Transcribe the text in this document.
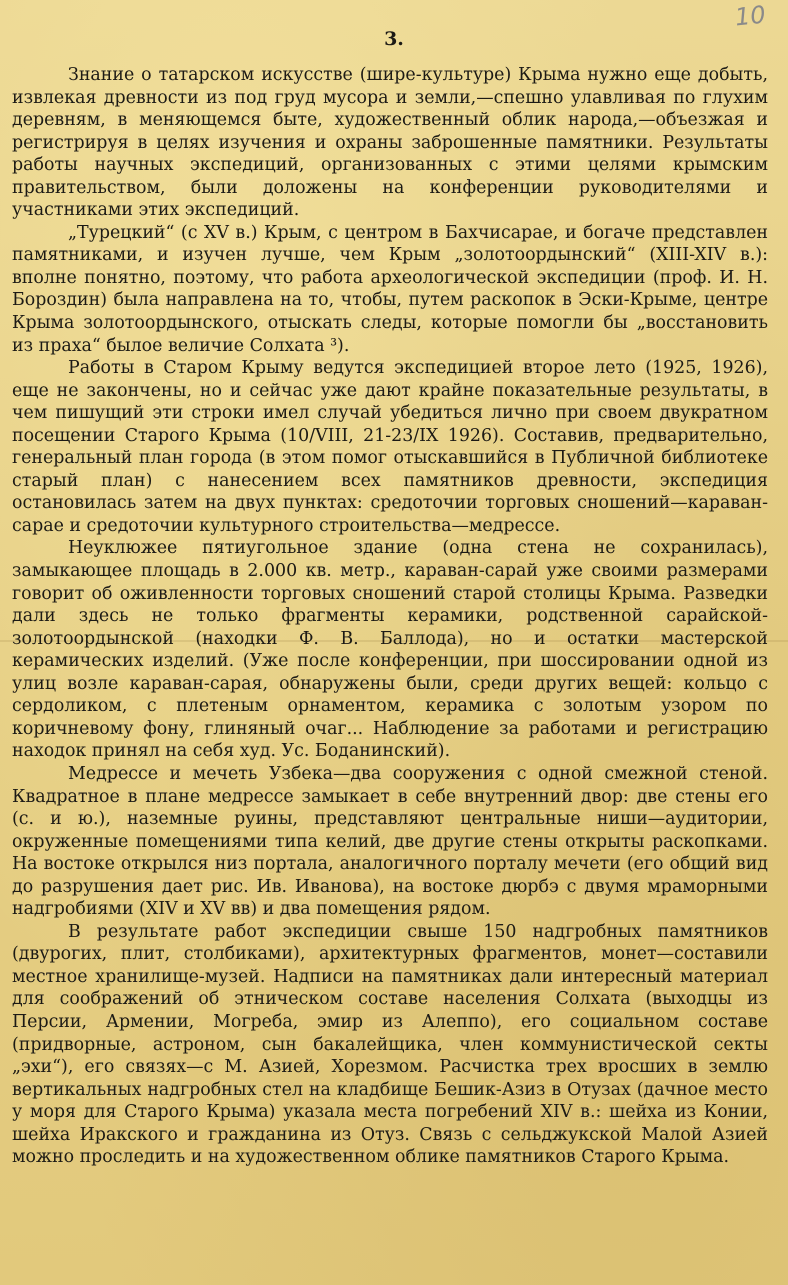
10
3.

Знание о татарском искусстве (шире-культуре) Крыма нужно еще добыть, извлекая древности из под груд мусора и земли,—спешно улавливая по глухим деревням, в меняющемся быте, художественный облик народа,—объезжая и регистрируя в целях изучения и охраны заброшенные памятники. Результаты работы научных экспедиций, организованных с этими целями крымским правительством, были доложены на конференции руководителями и участниками этих экспедиций.

„Турецкий“ (с XV в.) Крым, с центром в Бахчисарае, и богаче представлен памятниками, и изучен лучше, чем Крым „золотоордынский“ (XIII-XIV в.): вполне понятно, поэтому, что работа археологической экспедиции (проф. И. Н. Бороздин) была направлена на то, чтобы, путем раскопок в Эски-Крыме, центре Крыма золотоордынского, отыскать следы, которые помогли бы „восстановить из праха“ былое величие Солхата ³).

Работы в Старом Крыму ведутся экспедицией второе лето (1925, 1926), еще не закончены, но и сейчас уже дают крайне показательные результаты, в чем пишущий эти строки имел случай убедиться лично при своем двукратном посещении Старого Крыма (10/VIII, 21-23/IX 1926). Составив, предварительно, генеральный план города (в этом помог отыскавшийся в Публичной библиотеке старый план) с нанесением всех памятников древности, экспедиция остановилась затем на двух пунктах: средоточии торговых сношений—караван-сарае и средоточии культурного строительства—медрессе.

Неуклюжее пятиугольное здание (одна стена не сохранилась), замыкающее площадь в 2.000 кв. метр., караван-сарай уже своими размерами говорит об оживленности торговых сношений старой столицы Крыма. Разведки дали здесь не только фрагменты керамики, родственной сарайской-золотоордынской (находки Ф. В. Баллода), но и остатки мастерской керамических изделий. (Уже после конференции, при шоссировании одной из улиц возле караван-сарая, обнаружены были, среди других вещей: кольцо с сердоликом, с плетеным орнаментом, керамика с золотым узором по коричневому фону, глиняный очаг... Наблюдение за работами и регистрацию находок принял на себя худ. Ус. Боданинский).

Медрессе и мечеть Узбека—два сооружения с одной смежной стеной. Квадратное в плане медрессе замыкает в себе внутренний двор: две стены его (с. и ю.), наземные руины, представляют центральные ниши—аудитории, окруженные помещениями типа келий, две другие стены открыты раскопками. На востоке открылся низ портала, аналогичного порталу мечети (его общий вид до разрушения дает рис. Ив. Иванова), на востоке дюрбэ с двумя мраморными надгробиями (XIV и XV вв) и два помещения рядом.

В результате работ экспедиции свыше 150 надгробных памятников (двурогих, плит, столбиками), архитектурных фрагментов, монет—составили местное хранилище-музей. Надписи на памятниках дали интересный материал для соображений об этническом составе населения Солхата (выходцы из Персии, Армении, Могреба, эмир из Алеппо), его социальном составе (придворные, астроном, сын бакалейщика, член коммунистической секты „эхи“), его связях—с М. Азией, Хорезмом. Расчистка трех вросших в землю вертикальных надгробных стел на кладбище Бешик-Азиз в Отузах (дачное место у моря для Старого Крыма) указала места погребений XIV в.: шейха из Конии, шейха Иракского и гражданина из Отуз. Связь с сельджукской Малой Азией можно проследить и на художественном облике памятников Старого Крыма.
